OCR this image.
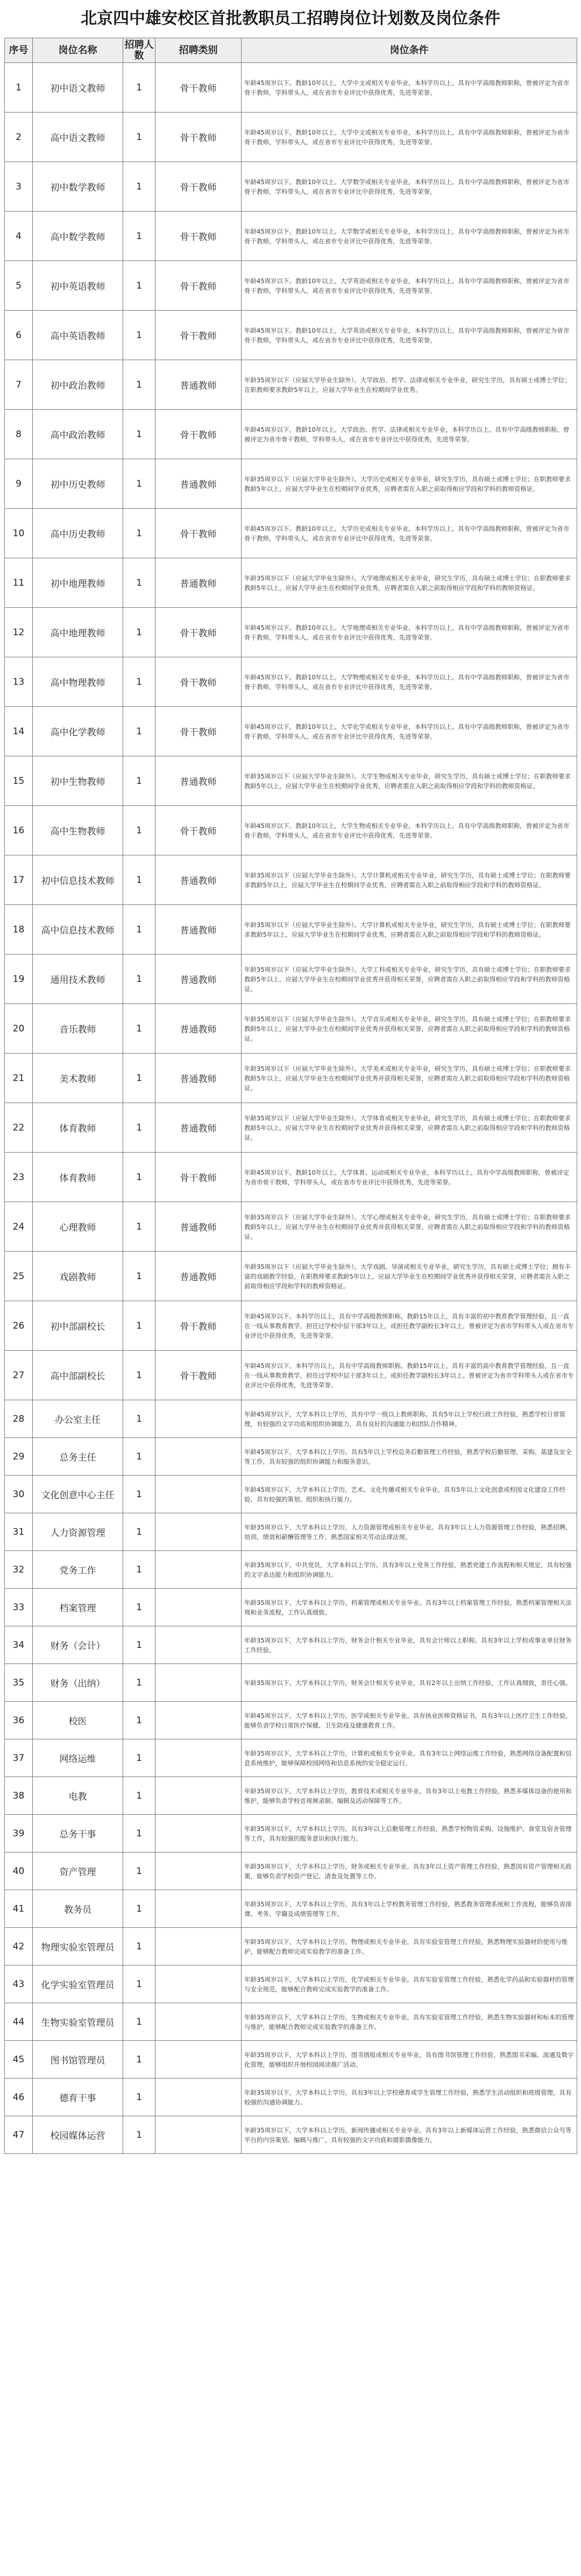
北京四中雄安校区首批教职员工招聘岗位计划数及岗位条件
序号	岗位名称	招聘人数	招聘类别	岗位条件
1	初中语文教师	1	骨干教师	年龄45周岁以下。教龄10年以上。大学中文或相关专业毕业，本科学历以上。具有中学高级教师职称，曾被评定为省市骨干教师，学科带头人，或在省市专业评比中获得优秀，先进等荣誉。
2	高中语文教师	1	骨干教师	年龄45周岁以下。教龄10年以上。大学中文或相关专业毕业，本科学历以上。具有中学高级教师职称，曾被评定为省市骨干教师，学科带头人，或在省市专业评比中获得优秀，先进等荣誉。
3	初中数学教师	1	骨干教师	年龄45周岁以下。教龄10年以上。大学数学或相关专业毕业，本科学历以上。具有中学高级教师职称，曾被评定为省市骨干教师，学科带头人，或在省市专业评比中获得优秀，先进等荣誉。
4	高中数学教师	1	骨干教师	年龄45周岁以下。教龄10年以上。大学数学或相关专业毕业，本科学历以上。具有中学高级教师职称，曾被评定为省市骨干教师，学科带头人，或在省市专业评比中获得优秀，先进等荣誉。
5	初中英语教师	1	骨干教师	年龄45周岁以下。教龄10年以上。大学英语或相关专业毕业，本科学历以上。具有中学高级教师职称，曾被评定为省市骨干教师，学科带头人，或在省市专业评比中获得优秀，先进等荣誉。
6	高中英语教师	1	骨干教师	年龄45周岁以下。教龄10年以上。大学英语或相关专业毕业，本科学历以上。具有中学高级教师职称，曾被评定为省市骨干教师，学科带头人，或在省市专业评比中获得优秀，先进等荣誉。
7	初中政治教师	1	普通教师	年龄35周岁以下（应届大学毕业生除外）。大学政治、哲学、法律或相关专业毕业，研究生学历，具有硕士或博士学位；在职教师要求教龄5年以上，应届大学毕业生在校期间学业优秀。
8	高中政治教师	1	骨干教师	年龄45周岁以下。教龄10年以上。大学政治、哲学、法律或相关专业毕业，本科学历以上。具有中学高级教师职称，曾被评定为省市骨干教师，学科带头人，或在省市专业评比中获得优秀，先进等荣誉。
9	初中历史教师	1	普通教师	年龄35周岁以下（应届大学毕业生除外）。大学历史或相关专业毕业，研究生学历，具有硕士或博士学位；在职教师要求教龄5年以上，应届大学毕业生在校期间学业优秀，应聘者需在入职之前取得相应学段和学科的教师资格证。
10	高中历史教师	1	骨干教师	年龄45周岁以下。教龄10年以上。大学历史或相关专业毕业，本科学历以上。具有中学高级教师职称，曾被评定为省市骨干教师，学科带头人，或在省市专业评比中获得优秀，先进等荣誉。
11	初中地理教师	1	普通教师	年龄35周岁以下（应届大学毕业生除外）。大学地理或相关专业毕业，研究生学历，具有硕士或博士学位；在职教师要求教龄5年以上，应届大学毕业生在校期间学业优秀，应聘者需在入职之前取得相应学段和学科的教师资格证。
12	高中地理教师	1	骨干教师	年龄45周岁以下。教龄10年以上。大学地理或相关专业毕业，本科学历以上。具有中学高级教师职称，曾被评定为省市骨干教师，学科带头人，或在省市专业评比中获得优秀，先进等荣誉。
13	高中物理教师	1	骨干教师	年龄45周岁以下。教龄10年以上。大学物理或相关专业毕业，本科学历以上。具有中学高级教师职称，曾被评定为省市骨干教师，学科带头人，或在省市专业评比中获得优秀，先进等荣誉。
14	高中化学教师	1	骨干教师	年龄45周岁以下。教龄10年以上。大学化学或相关专业毕业，本科学历以上。具有中学高级教师职称，曾被评定为省市骨干教师，学科带头人，或在省市专业评比中获得优秀，先进等荣誉。
15	初中生物教师	1	普通教师	年龄35周岁以下（应届大学毕业生除外）。大学生物或相关专业毕业，研究生学历，具有硕士或博士学位；在职教师要求教龄5年以上，应届大学毕业生在校期间学业优秀，应聘者需在入职之前取得相应学段和学科的教师资格证。
16	高中生物教师	1	骨干教师	年龄45周岁以下。教龄10年以上。大学生物或相关专业毕业，本科学历以上。具有中学高级教师职称，曾被评定为省市骨干教师，学科带头人，或在省市专业评比中获得优秀，先进等荣誉。
17	初中信息技术教师	1	普通教师	年龄35周岁以下（应届大学毕业生除外）。大学计算机或相关专业毕业，研究生学历，具有硕士或博士学位；在职教师要求教龄5年以上，应届大学毕业生在校期间学业优秀，应聘者需在入职之前取得相应学段和学科的教师资格证。
18	高中信息技术教师	1	普通教师	年龄35周岁以下（应届大学毕业生除外）。大学计算机或相关专业毕业，研究生学历，具有硕士或博士学位；在职教师要求教龄5年以上，应届大学毕业生在校期间学业优秀，应聘者需在入职之前取得相应学段和学科的教师资格证。
19	通用技术教师	1	普通教师	年龄35周岁以下（应届大学毕业生除外）。大学工科或相关专业毕业，研究生学历，具有硕士或博士学位；在职教师要求教龄5年以上，应届大学毕业生在校期间学业优秀并获得相关荣誉，应聘者需在入职之前取得相应学段和学科的教师资格证。
20	音乐教师	1	普通教师	年龄35周岁以下（应届大学毕业生除外）。大学音乐或相关专业毕业，研究生学历，具有硕士或博士学位；在职教师要求教龄5年以上，应届大学毕业生在校期间学业优秀并获得相关荣誉，应聘者需在入职之前取得相应学段和学科的教师资格证。
21	美术教师	1	普通教师	年龄35周岁以下（应届大学毕业生除外）。大学美术或相关专业毕业，研究生学历，具有硕士或博士学位；在职教师要求教龄5年以上，应届大学毕业生在校期间学业优秀并获得相关荣誉，应聘者需在入职之前取得相应学段和学科的教师资格证。
22	体育教师	1	普通教师	年龄35周岁以下（应届大学毕业生除外）。大学体育或相关专业毕业，研究生学历，具有硕士或博士学位；在职教师要求教龄5年以上，应届大学毕业生在校期间学业优秀并获得相关荣誉，应聘者需在入职之前取得相应学段和学科的教师资格证。
23	体育教师	1	骨干教师	年龄45周岁以下。教龄10年以上。大学体育、运动或相关专业毕业，本科学历以上。具有中学高级教师职称，曾被评定为省市骨干教师，学科带头人，或在省市专业评比中获得优秀，先进等荣誉。
24	心理教师	1	普通教师	年龄35周岁以下（应届大学毕业生除外）。大学心理或相关专业毕业，研究生学历，具有硕士或博士学位；在职教师要求教龄5年以上，应届大学毕业生在校期间学业优秀并获得相关荣誉，应聘者需在入职之前取得相应学段和学科的教师资格证。
25	戏剧教师	1	普通教师	年龄35周岁以下（应届大学毕业生除外）。大学戏剧、导演或相关专业毕业，研究生学历，具有硕士或博士学位；拥有丰富的戏剧教学经验，在职教师要求教龄5年以上，应届大学毕业生在校期间学业优秀并获得相关荣誉，应聘者需在入职之前取得相应学段和学科的教师资格证。
26	初中部副校长	1	骨干教师	年龄45周岁以下。本科学历以上，具有中学高级教师职称。教龄15年以上，具有丰富的初中教育教学管理经验，且一直在一线从事教育教学，担任过学校中层干部3年以上，或担任教学副校长3年以上。曾被评定为省市学科带头人或在省市专业评比中获得优秀，先进等荣誉。
27	高中部副校长	1	骨干教师	年龄45周岁以下。本科学历以上，具有中学高级教师职称。教龄15年以上，具有丰富的高中教育教学管理经验，且一直在一线从事教育教学，担任过学校中层干部3年以上，或担任教学副校长3年以上。曾被评定为省市学科带头人或在省市专业评比中获得优秀，先进等荣誉。
28	办公室主任	1		年龄45周岁以下，大学本科以上学历，具有中学一级以上教师职称。具有5年以上学校行政工作经验，熟悉学校日常管理，有较强的文字功底和组织协调能力，具有良好的沟通能力和团队合作精神。
29	总务主任	1		年龄45周岁以下，大学本科以上学历。具有5年以上学校总务后勤管理工作经验，熟悉学校后勤管理、采购、基建及安全等工作，具有较强的组织协调能力和服务意识。
30	文化创意中心主任	1		年龄45周岁以下，大学本科以上学历，艺术、文化传播或相关专业毕业。具有5年以上文化创意或校园文化建设工作经验，具有较强的策划、组织和执行能力。
31	人力资源管理	1		年龄35周岁以下，大学本科以上学历，人力资源管理或相关专业毕业。具有3年以上人力资源管理工作经验，熟悉招聘、培训、绩效和薪酬管理等工作，熟悉国家相关劳动法律法规。
32	党务工作	1		年龄35周岁以下，中共党员，大学本科以上学历。具有3年以上党务工作经验，熟悉党建工作流程和相关规定，具有较强的文字表达能力和组织协调能力。
33	档案管理	1		年龄35周岁以下，大学本科以上学历，档案管理或相关专业毕业。具有3年以上档案管理工作经验，熟悉档案管理相关法规和业务流程，工作认真细致。
34	财务（会计）	1		年龄35周岁以下，大学本科以上学历，财务会计相关专业毕业，具有会计师以上职称。具有3年以上学校或事业单位财务工作经验。
35	财务（出纳）	1		年龄35周岁以下，大学本科以上学历，财务会计相关专业毕业。具有2年以上出纳工作经验，工作认真细致，责任心强。
36	校医	1		年龄45周岁以下，大学本科以上学历，医学或相关专业毕业。具有执业医师资格证书，具有3年以上医疗卫生工作经验，能够负责学校日常医疗保健、卫生防疫及健康教育工作。
37	网络运维	1		年龄35周岁以下，大学本科以上学历，计算机或相关专业毕业。具有3年以上网络运维工作经验，熟悉网络设备配置和信息系统维护，能够保障校园网络和信息系统的安全稳定运行。
38	电教	1		年龄35周岁以下，大学本科以上学历，教育技术或相关专业毕业。具有3年以上电教工作经验，熟悉多媒体设备的使用和维护，能够负责学校音视频录制、编辑及活动保障等工作。
39	总务干事	1		年龄35周岁以下，大学本科以上学历。具有3年以上后勤管理工作经验，熟悉学校物资采购、设施维护、食堂及宿舍管理等工作，具有较强的服务意识和执行能力。
40	资产管理	1		年龄35周岁以下，大学本科以上学历，财务或相关专业毕业。具有3年以上资产管理工作经验，熟悉国有资产管理相关政策，能够负责学校资产登记、清查及处置等工作。
41	教务员	1		年龄35周岁以下，大学本科以上学历。具有3年以上学校教务管理工作经验，熟悉教务管理系统和工作流程，能够负责排课、考务、学籍及成绩管理等工作。
42	物理实验室管理员	1		年龄35周岁以下，大学本科以上学历，物理或相关专业毕业。具有实验室管理工作经验，熟悉物理实验器材的使用与维护，能够配合教师完成实验教学的准备工作。
43	化学实验室管理员	1		年龄35周岁以下，大学本科以上学历，化学或相关专业毕业。具有实验室管理工作经验，熟悉化学药品和实验器材的管理与安全规范，能够配合教师完成实验教学的准备工作。
44	生物实验室管理员	1		年龄35周岁以下，大学本科以上学历，生物或相关专业毕业。具有实验室管理工作经验，熟悉生物实验器材和标本的管理与维护，能够配合教师完成实验教学的准备工作。
45	图书馆管理员	1		年龄35周岁以下，大学本科以上学历，图书情报或相关专业毕业。具有图书馆管理工作经验，熟悉图书采编、流通及数字化管理，能够组织开展校园阅读推广活动。
46	德育干事	1		年龄35周岁以下，大学本科以上学历。具有3年以上学校德育或学生管理工作经验，熟悉学生活动组织和班级管理，具有较强的沟通协调能力。
47	校园媒体运营	1		年龄35周岁以下，大学本科以上学历，新闻传播或相关专业毕业。具有3年以上新媒体运营工作经验，熟悉微信公众号等平台的内容策划、编辑与推广，具有较强的文字功底和摄影摄像能力。
